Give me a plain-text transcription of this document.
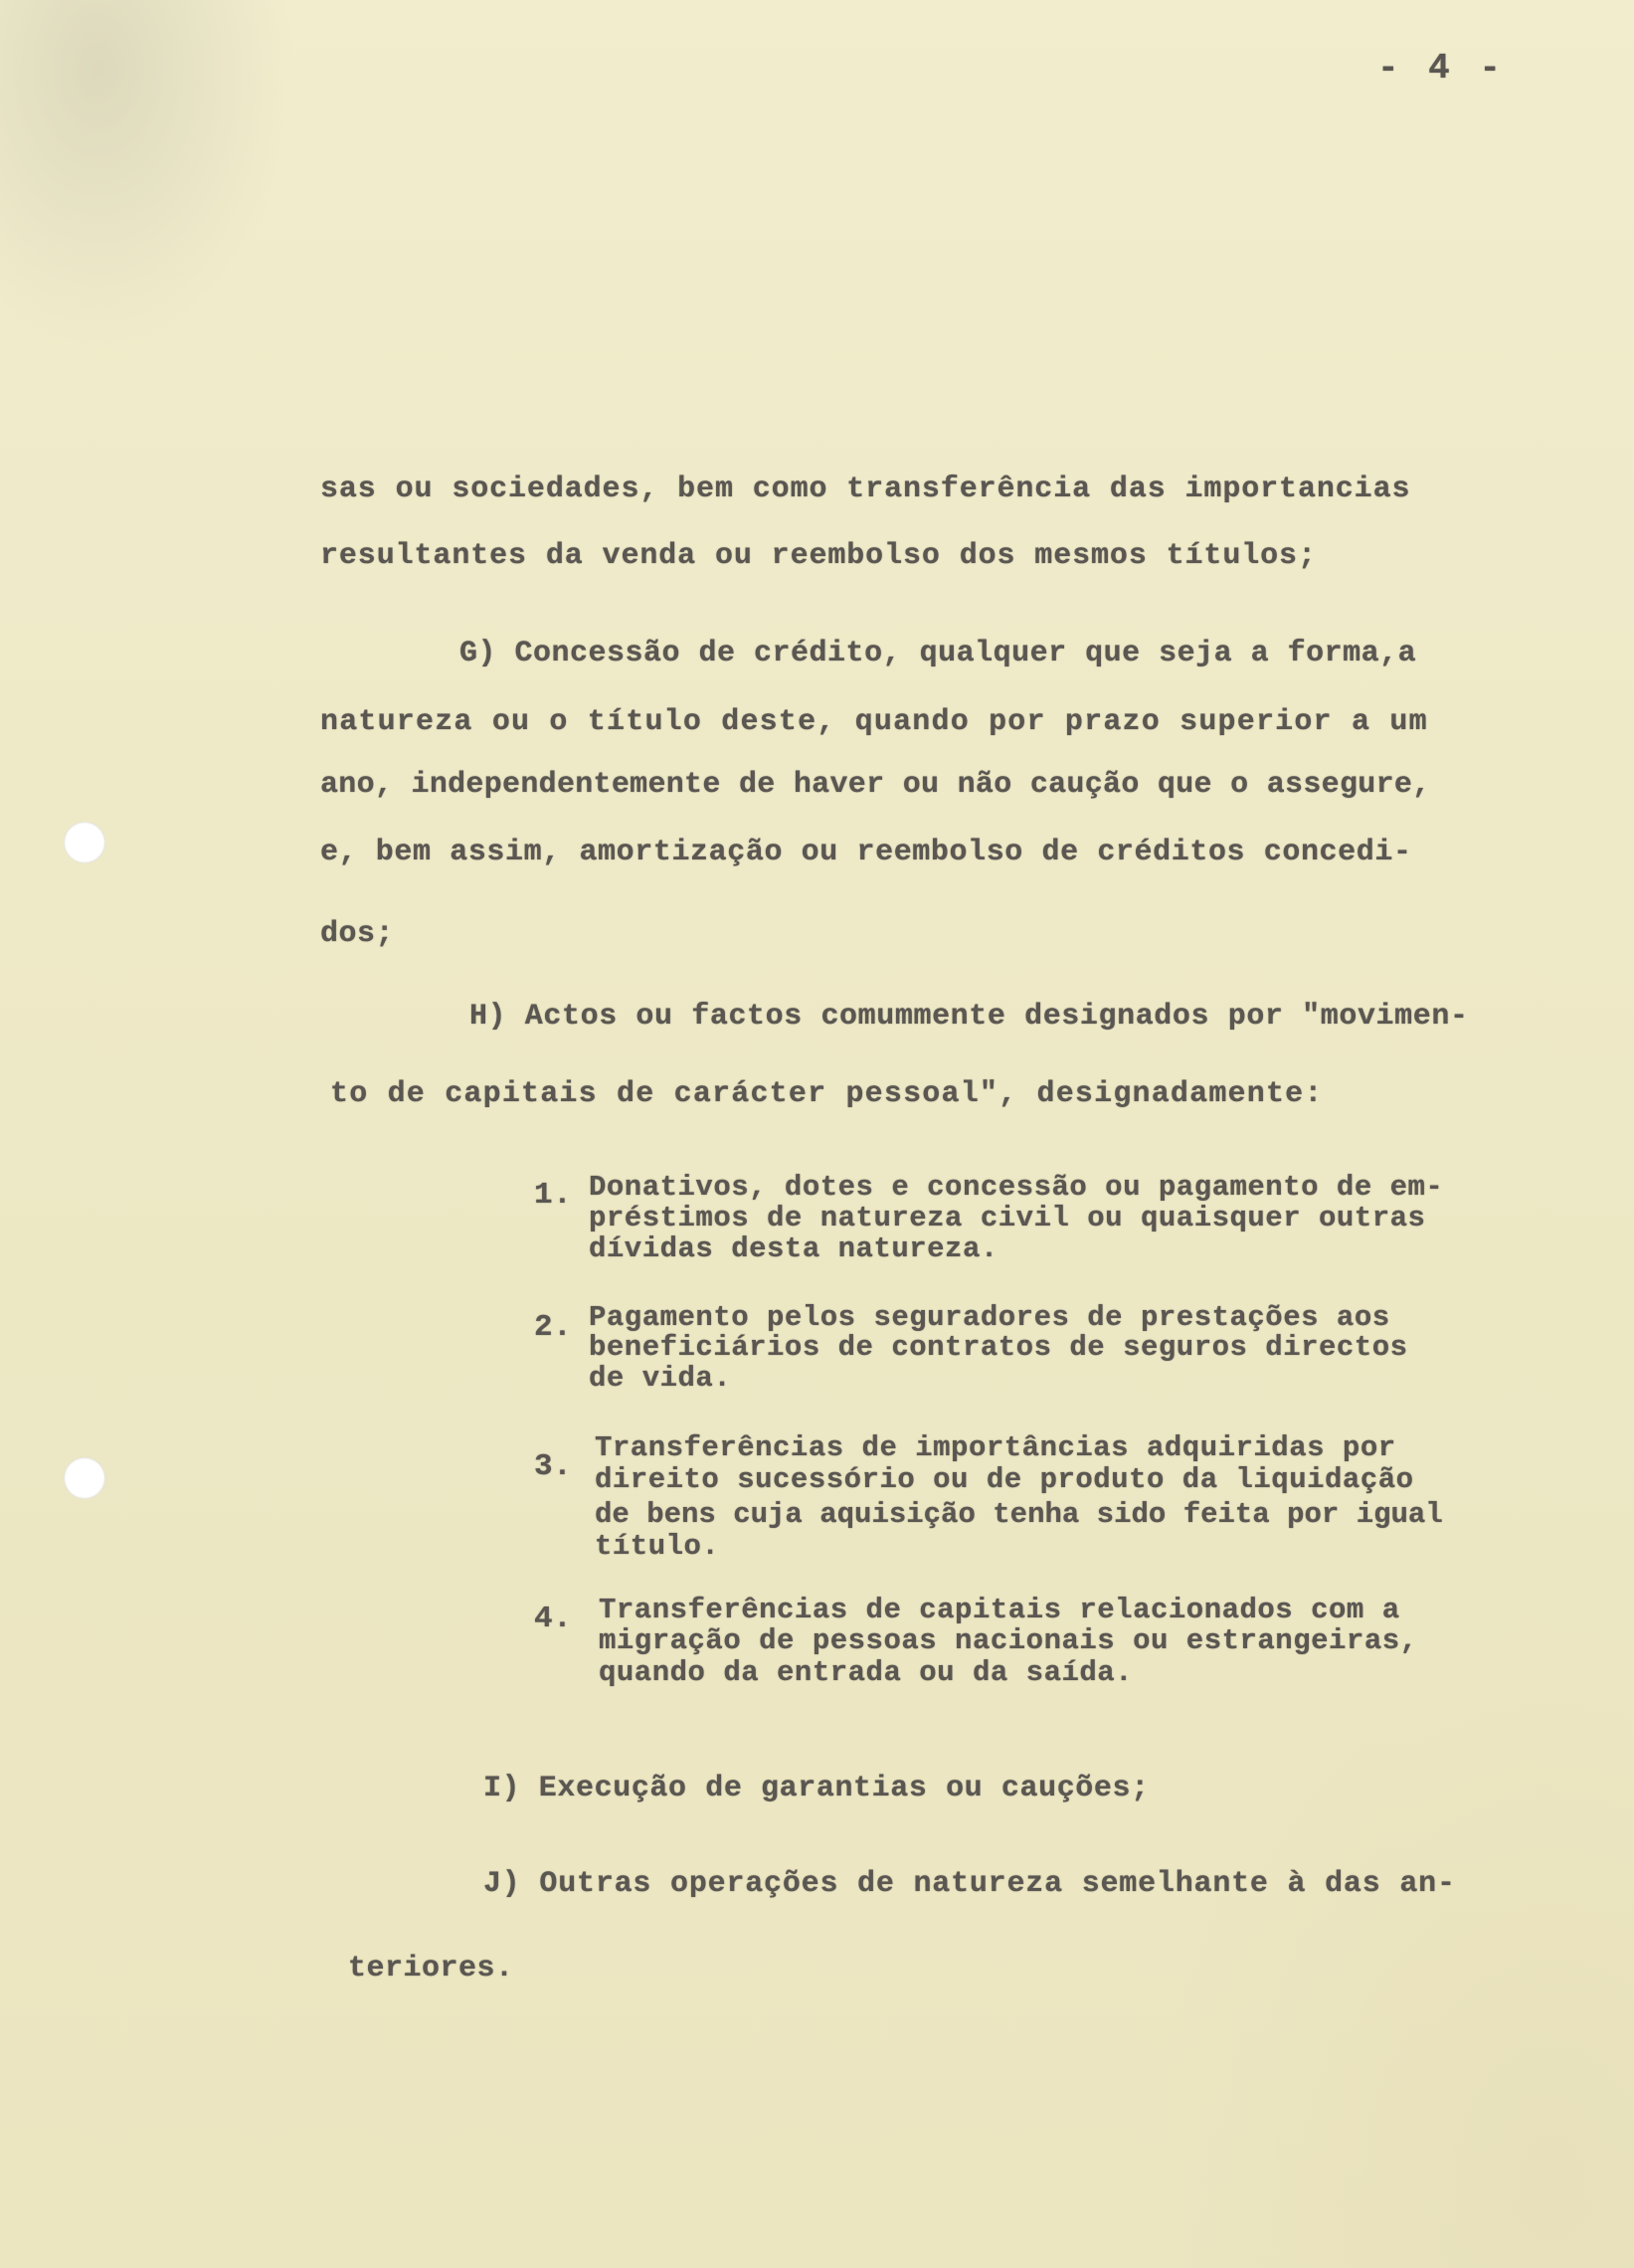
- 4 -
sas ou sociedades, bem como transferência das importancias
resultantes da venda ou reembolso dos mesmos títulos;
G) Concessão de crédito, qualquer que seja a forma,a
natureza ou o título deste, quando por prazo superior a um
ano, independentemente de haver ou não caução que o assegure,
e, bem assim, amortização ou reembolso de créditos concedi-
dos;
H) Actos ou factos comummente designados por "movimen-
to de capitais de carácter pessoal", designadamente:
1. Donativos, dotes e concessão ou pagamento de em-
préstimos de natureza civil ou quaisquer outras
dívidas desta natureza.
2. Pagamento pelos seguradores de prestações aos
beneficiários de contratos de seguros directos
de vida.
3.
Transferências de importâncias adquiridas por
direito sucessório ou de produto da liquidação
de bens cuja aquisição tenha sido feita por igual
título.
4. Transferências de capitais relacionados com a
migração de pessoas nacionais ou estrangeiras,
quando da entrada ou da saída.
I) Execução de garantias ou cauções;
J) Outras operações de natureza semelhante à das an-
teriores.
